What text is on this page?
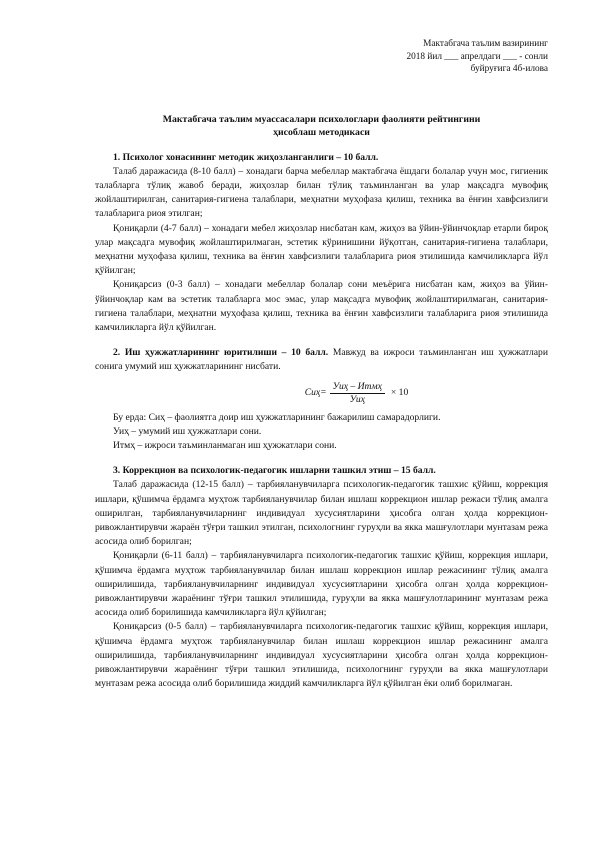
Мактабгача таълим вазирининг
2018 йил ___ апрелдаги ___ - сонли
буйруғига 4б-илова
Мактабгача таълим муассасалари психологлари фаолияти рейтингини
ҳисоблаш методикаси
1. Психолог хонасининг методик жиҳозланганлиги – 10 балл.

Талаб даражасида (8-10 балл) – хонадаги барча мебеллар мактабгача ёшдаги болалар учун мос, гигиеник талабларга тўлиқ жавоб беради, жиҳозлар билан тўлиқ таъминланган ва улар мақсадга мувофиқ жойлаштирилган, санитария-гигиена талаблари, меҳнатни муҳофаза қилиш, техника ва ёнғин хавфсизлиги талабларига риоя этилган;

Қониқарли (4-7 балл) – хонадаги мебел жиҳозлар нисбатан кам, жиҳоз ва ўйин-ўйинчоқлар етарли бироқ улар мақсадга мувофиқ жойлаштирилмаган, эстетик кўринишини йўқотган, санитария-гигиена талаблари, меҳнатни муҳофаза қилиш, техника ва ёнғин хавфсизлиги талабларига риоя этилишида камчиликларга йўл қўйилган;

Қониқарсиз (0-3 балл) – хонадаги мебеллар болалар сони меъёрига нисбатан кам, жиҳоз ва ўйин-ўйинчоқлар кам ва эстетик талабларга мос эмас, улар мақсадга мувофиқ жойлаштирилмаган, санитария-гигиена талаблари, меҳнатни муҳофаза қилиш, техника ва ёнғин хавфсизлиги талабларига риоя этилишида камчиликларга йўл қўйилган.

2. Иш ҳужжатларининг юритилиши – 10 балл. Мавжуд ва ижроси таъминланган иш ҳужжатлари сонига умумий иш ҳужжатларининг нисбати.

$Сиҳ= \frac{\text{Уиҳ – Итмҳ}}{\text{Уиҳ}} \times 10$

Бу ерда: Сиҳ – фаолиятга доир иш ҳужжатларининг бажарилиш самарадорлиги.

Уиҳ – умумий иш ҳужжатлари сони.

Итмҳ – ижроси таъминланмаган иш ҳужжатлари сони.

3. Коррекцион ва психологик-педагогик ишларни ташкил этиш – 15 балл.

Талаб даражасида (12-15 балл) – тарбияланувчиларга психологик-педагогик ташхис қўйиш, коррекция ишлари, қўшимча ёрдамга муҳтож тарбияланувчилар билан ишлаш коррекцион ишлар режаси тўлиқ амалга оширилган, тарбияланувчиларнинг индивидуал хусусиятларини ҳисобга олган ҳолда коррекцион-ривожлантирувчи жараён тўғри ташкил этилган, психологнинг гуруҳли ва якка машғулотлари мунтазам режа асосида олиб борилган;

Қониқарли (6-11 балл) – тарбияланувчиларга психологик-педагогик ташхис қўйиш, коррекция ишлари, қўшимча ёрдамга муҳтож тарбияланувчилар билан ишлаш коррекцион ишлар режасининг тўлиқ амалга оширилишида, тарбияланувчиларнинг индивидуал хусусиятларини ҳисобга олган ҳолда коррекцион-ривожлантирувчи жараёнинг тўғри ташкил этилишида, гуруҳли ва якка машғулотларининг мунтазам режа асосида олиб борилишида камчиликларга йўл қўйилган;

Қониқарсиз (0-5 балл) – тарбияланувчиларга психологик-педагогик ташхис қўйиш, коррекция ишлари, қўшимча ёрдамга муҳтож тарбияланувчилар билан ишлаш коррекцион ишлар режасининг амалга оширилишида, тарбияланувчиларнинг индивидуал хусусиятларини ҳисобга олган ҳолда коррекцион-ривожлантирувчи жараёнинг тўғри ташкил этилишида, психологнинг гуруҳли ва якка машғулотлари мунтазам режа асосида олиб борилишида жиддий камчиликларга йўл қўйилган ёки олиб борилмаган.
